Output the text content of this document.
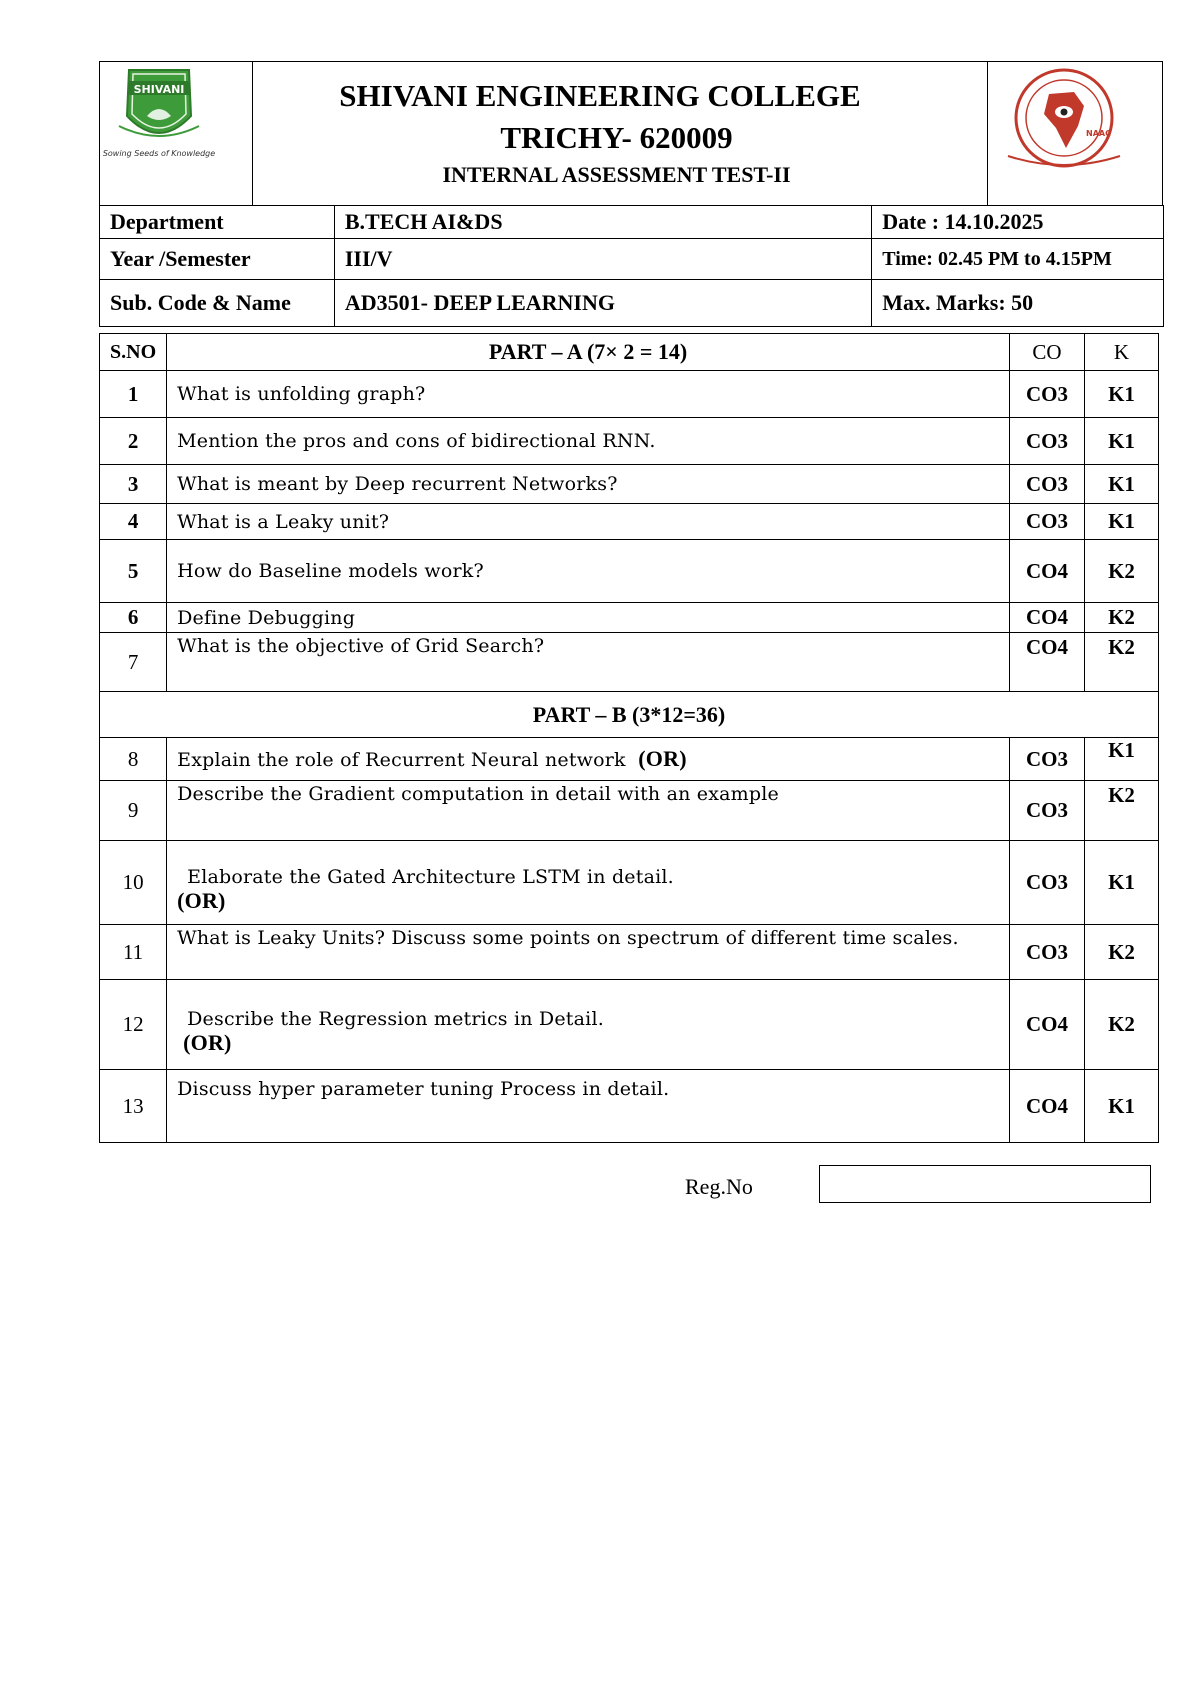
SHIVANI
Sowing Seeds of Knowledge
NAAC
SHIVANI ENGINEERING COLLEGE
TRICHY- 620009
INTERNAL ASSESSMENT TEST-II
Department	B.TECH AI&DS	Date : 14.10.2025
Year /Semester	III/V	Time: 02.45 PM to 4.15PM
Sub. Code & Name	AD3501- DEEP LEARNING	Max. Marks: 50
S.NO	PART – A (7× 2 = 14)	CO	K
1	What is unfolding graph?	CO3	K1
2	Mention the pros and cons of bidirectional RNN.	CO3	K1
3	What is meant by Deep recurrent Networks?	CO3	K1
4	What is a Leaky unit?	CO3	K1
5	How do Baseline models work?	CO4	K2
6	Define Debugging	CO4	K2
7	What is the objective of Grid Search?	CO4	K2
PART – B (3*12=36)			
8	Explain the role of Recurrent Neural network (OR)	CO3	K1
9	Describe the Gradient computation in detail with an example	CO3	K2
10	Elaborate the Gated Architecture LSTM in detail.
(OR)	CO3	K1
11	What is Leaky Units? Discuss some points on spectrum of different time scales.	CO3	K2
12	Describe the Regression metrics in Detail.
(OR)	CO4	K2
13	Discuss hyper parameter tuning Process in detail.	CO4	K1
Reg.No
